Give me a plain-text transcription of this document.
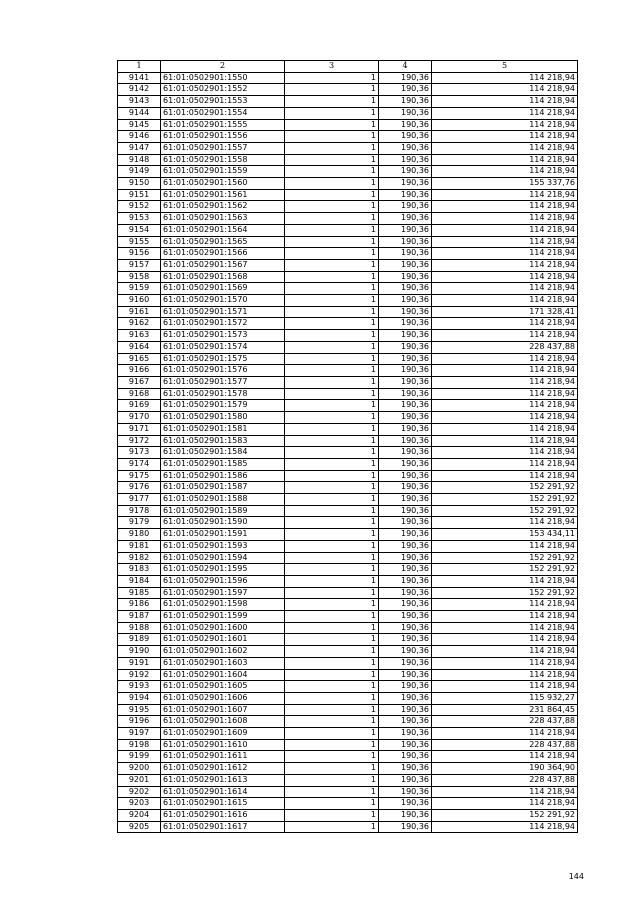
1	2	3	4	5
9141	61:01:0502901:1550	1	190,36	114 218,94
9142	61:01:0502901:1552	1	190,36	114 218,94
9143	61:01:0502901:1553	1	190,36	114 218,94
9144	61:01:0502901:1554	1	190,36	114 218,94
9145	61:01:0502901:1555	1	190,36	114 218,94
9146	61:01:0502901:1556	1	190,36	114 218,94
9147	61:01:0502901:1557	1	190,36	114 218,94
9148	61:01:0502901:1558	1	190,36	114 218,94
9149	61:01:0502901:1559	1	190,36	114 218,94
9150	61:01:0502901:1560	1	190,36	155 337,76
9151	61:01:0502901:1561	1	190,36	114 218,94
9152	61:01:0502901:1562	1	190,36	114 218,94
9153	61:01:0502901:1563	1	190,36	114 218,94
9154	61:01:0502901:1564	1	190,36	114 218,94
9155	61:01:0502901:1565	1	190,36	114 218,94
9156	61:01:0502901:1566	1	190,36	114 218,94
9157	61:01:0502901:1567	1	190,36	114 218,94
9158	61:01:0502901:1568	1	190,36	114 218,94
9159	61:01:0502901:1569	1	190,36	114 218,94
9160	61:01:0502901:1570	1	190,36	114 218,94
9161	61:01:0502901:1571	1	190,36	171 328,41
9162	61:01:0502901:1572	1	190,36	114 218,94
9163	61:01:0502901:1573	1	190,36	114 218,94
9164	61:01:0502901:1574	1	190,36	228 437,88
9165	61:01:0502901:1575	1	190,36	114 218,94
9166	61:01:0502901:1576	1	190,36	114 218,94
9167	61:01:0502901:1577	1	190,36	114 218,94
9168	61:01:0502901:1578	1	190,36	114 218,94
9169	61:01:0502901:1579	1	190,36	114 218,94
9170	61:01:0502901:1580	1	190,36	114 218,94
9171	61:01:0502901:1581	1	190,36	114 218,94
9172	61:01:0502901:1583	1	190,36	114 218,94
9173	61:01:0502901:1584	1	190,36	114 218,94
9174	61:01:0502901:1585	1	190,36	114 218,94
9175	61:01:0502901:1586	1	190,36	114 218,94
9176	61:01:0502901:1587	1	190,36	152 291,92
9177	61:01:0502901:1588	1	190,36	152 291,92
9178	61:01:0502901:1589	1	190,36	152 291,92
9179	61:01:0502901:1590	1	190,36	114 218,94
9180	61:01:0502901:1591	1	190,36	153 434,11
9181	61:01:0502901:1593	1	190,36	114 218,94
9182	61:01:0502901:1594	1	190,36	152 291,92
9183	61:01:0502901:1595	1	190,36	152 291,92
9184	61:01:0502901:1596	1	190,36	114 218,94
9185	61:01:0502901:1597	1	190,36	152 291,92
9186	61:01:0502901:1598	1	190,36	114 218,94
9187	61:01:0502901:1599	1	190,36	114 218,94
9188	61:01:0502901:1600	1	190,36	114 218,94
9189	61:01:0502901:1601	1	190,36	114 218,94
9190	61:01:0502901:1602	1	190,36	114 218,94
9191	61:01:0502901:1603	1	190,36	114 218,94
9192	61:01:0502901:1604	1	190,36	114 218,94
9193	61:01:0502901:1605	1	190,36	114 218,94
9194	61:01:0502901:1606	1	190,36	115 932,27
9195	61:01:0502901:1607	1	190,36	231 864,45
9196	61:01:0502901:1608	1	190,36	228 437,88
9197	61:01:0502901:1609	1	190,36	114 218,94
9198	61:01:0502901:1610	1	190,36	228 437,88
9199	61:01:0502901:1611	1	190,36	114 218,94
9200	61:01:0502901:1612	1	190,36	190 364,90
9201	61:01:0502901:1613	1	190,36	228 437,88
9202	61:01:0502901:1614	1	190,36	114 218,94
9203	61:01:0502901:1615	1	190,36	114 218,94
9204	61:01:0502901:1616	1	190,36	152 291,92
9205	61:01:0502901:1617	1	190,36	114 218,94
144
